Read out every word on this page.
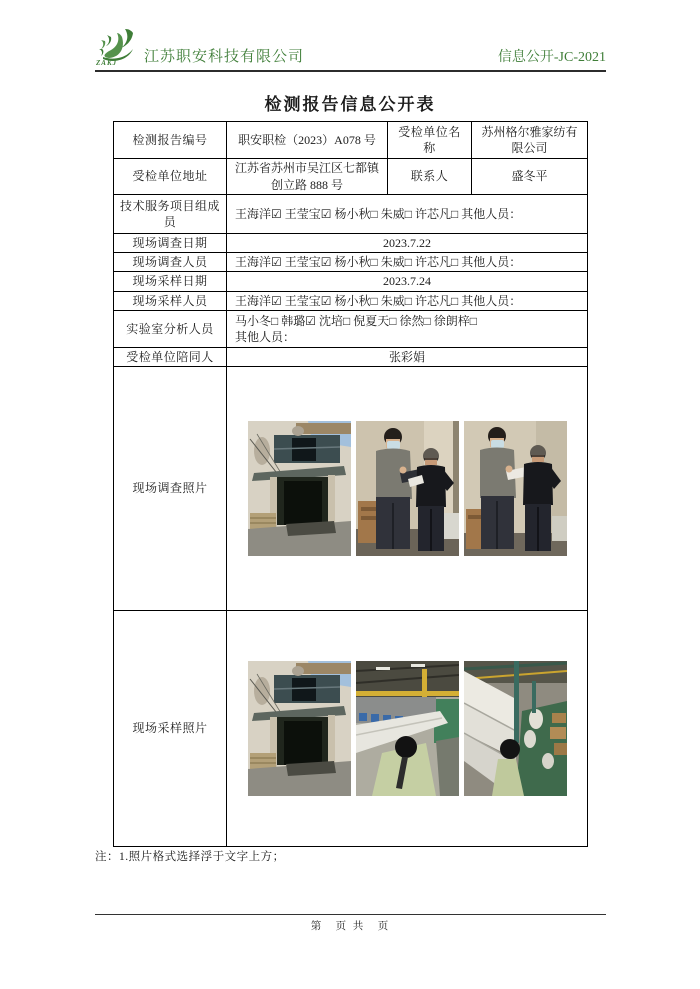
ZAKJ 江苏职安科技有限公司	信息公开-JC-2021
检测报告信息公开表
检测报告编号	职安职检（2023）A078 号	受检单位名称	苏州格尔雅家纺有限公司
受检单位地址	江苏省苏州市吴江区七都镇创立路 888 号	联系人	盛冬平
技术服务项目组成员	王海洋☑ 王莹宝☑ 杨小秋□ 朱威□ 许芯凡□ 其他人员：		
现场调查日期	2023.7.22		
现场调查人员	王海洋☑ 王莹宝☑ 杨小秋□ 朱威□ 许芯凡□ 其他人员：		
现场采样日期	2023.7.24		
现场采样人员	王海洋☑ 王莹宝☑ 杨小秋□ 朱威□ 许芯凡□ 其他人员：		
实验室分析人员	马小冬□ 韩璐☑ 沈培□ 倪夏天□ 徐然□ 徐朗梓□
其他人员：		

受检单位陪同人	张彩娟		
现场调查照片	

现场采样照片	
注：1.照片格式选择浮于文字上方；
第　页 共　页
